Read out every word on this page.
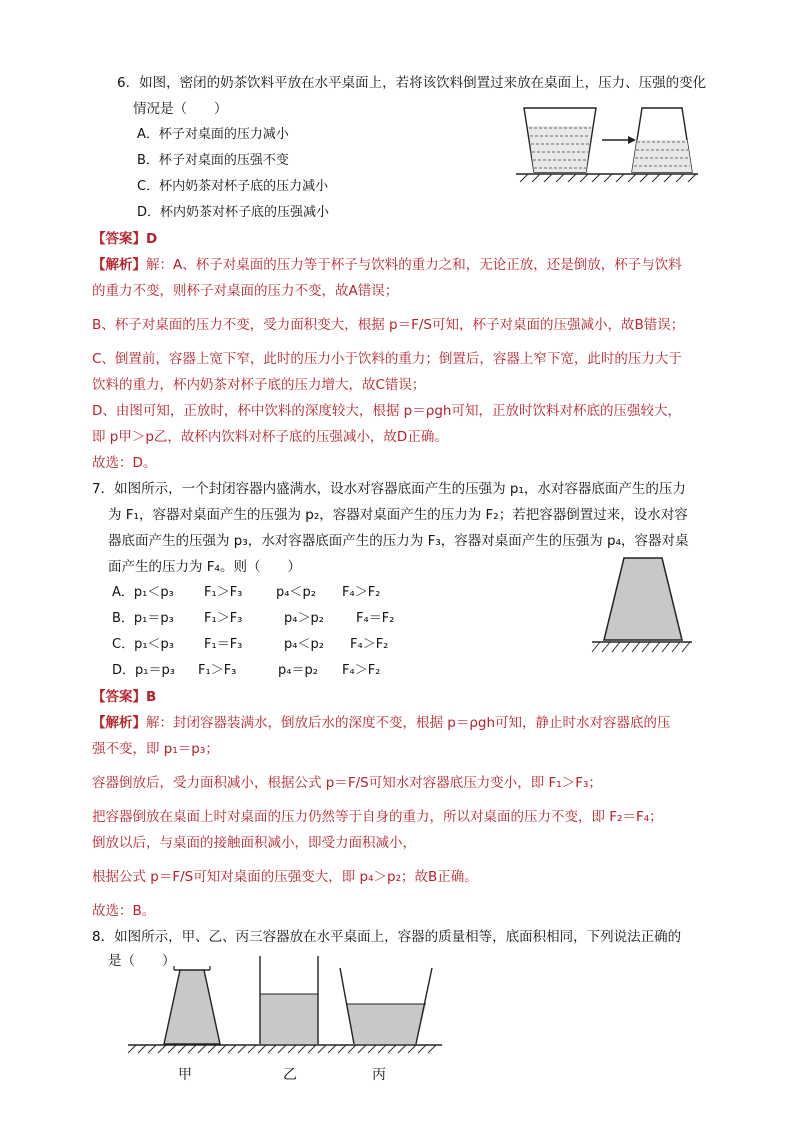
6．如图，密闭的奶茶饮料平放在水平桌面上，若将该饮料倒置过来放在桌面上，压力、压强的变化
情况是（　　）
A．杯子对桌面的压力减小
B．杯子对桌面的压强不变
C．杯内奶茶对杯子底的压力减小
D．杯内奶茶对杯子底的压强减小
【答案】D
【解析】解：A、杯子对桌面的压力等于杯子与饮料的重力之和，无论正放，还是倒放，杯子与饮料
的重力不变，则杯子对桌面的压力不变，故A错误；
B、杯子对桌面的压力不变，受力面积变大，根据 p＝F/S可知，杯子对桌面的压强减小，故B错误；
C、倒置前，容器上宽下窄，此时的压力小于饮料的重力；倒置后，容器上窄下宽，此时的压力大于
饮料的重力，杯内奶茶对杯子底的压力增大，故C错误；
D、由图可知，正放时，杯中饮料的深度较大，根据 p＝ρgh可知，正放时饮料对杯底的压强较大，
即 p甲＞p乙，故杯内饮料对杯子底的压强减小，故D正确。
故选：D。
7．如图所示，一个封闭容器内盛满水，设水对容器底面产生的压强为 p₁，水对容器底面产生的压力
为 F₁，容器对桌面产生的压强为 p₂，容器对桌面产生的压力为 F₂；若把容器倒置过来，设水对容
器底面产生的压强为 p₃，水对容器底面产生的压力为 F₃，容器对桌面产生的压强为 p₄，容器对桌
面产生的压力为 F₄。则（　　）
A．p₁＜p₃ F₁＞F₃	p₄＜p₂ F₄＞F₂
B．p₁＝p₃ F₁＞F₃	p₄＞p₂ F₄＝F₂
C．p₁＜p₃ F₁＝F₃	p₄＜p₂ F₄＞F₂
D．p₁＝p₃ F₁＞F₃	p₄＝p₂ F₄＞F₂
【答案】B
【解析】解：封闭容器装满水，倒放后水的深度不变，根据 p＝ρgh可知，静止时水对容器底的压
强不变，即 p₁＝p₃；
容器倒放后，受力面积减小，根据公式 p＝F/S可知水对容器底压力变小，即 F₁＞F₃；
把容器倒放在桌面上时对桌面的压力仍然等于自身的重力，所以对桌面的压力不变，即 F₂＝F₄；
倒放以后，与桌面的接触面积减小，即受力面积减小，
根据公式 p＝F/S可知对桌面的压强变大，即 p₄＞p₂；故B正确。
故选：B。
8．如图所示，甲、乙、丙三容器放在水平桌面上，容器的质量相等，底面积相同，下列说法正确的
是（　　）
甲	乙	丙
